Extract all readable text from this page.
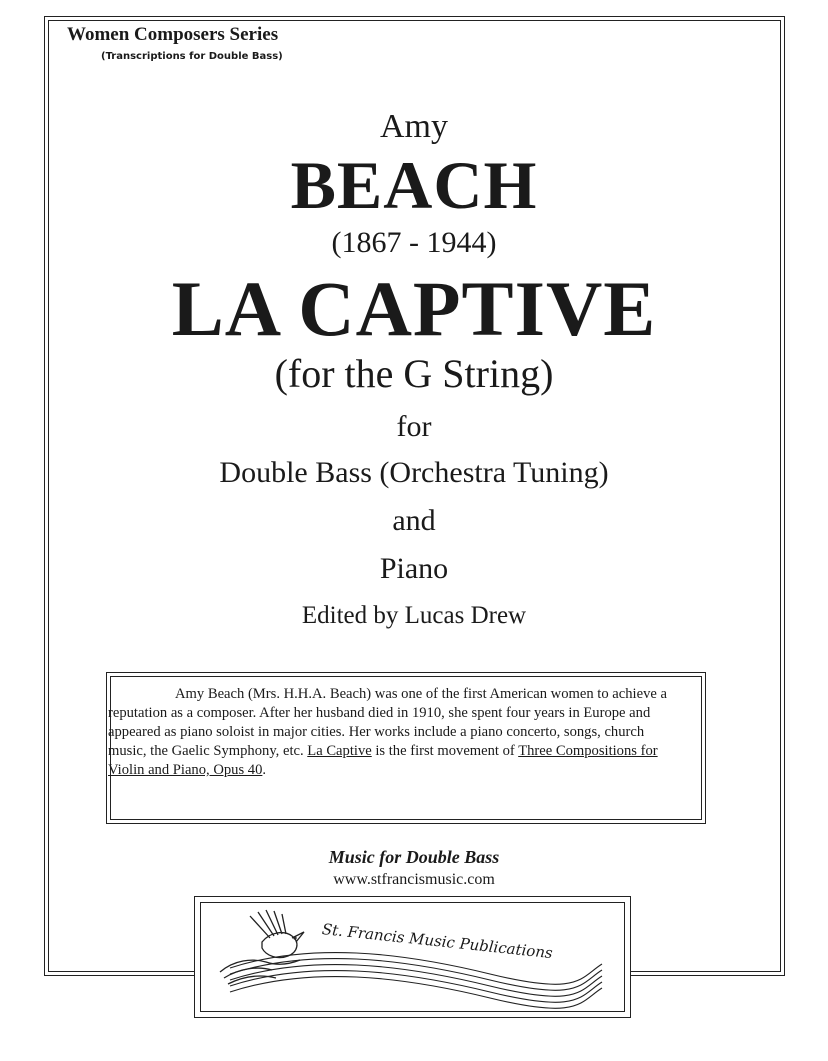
Women Composers Series
(Transcriptions for Double Bass)
Amy
BEACH
(1867 - 1944)
LA CAPTIVE
(for the G String)
for
Double Bass (Orchestra Tuning)
and
Piano
Edited by Lucas Drew
Amy Beach (Mrs. H.H.A. Beach) was one of the first American women to achieve a reputation as a composer. After her husband died in 1910, she spent four years in Europe and appeared as piano soloist in major cities. Her works include a piano concerto, songs, church music, the Gaelic Symphony, etc. La Captive is the first movement of Three Compositions for Violin and Piano, Opus 40.
Music for Double Bass
www.stfrancismusic.com
St. Francis Music Publications
